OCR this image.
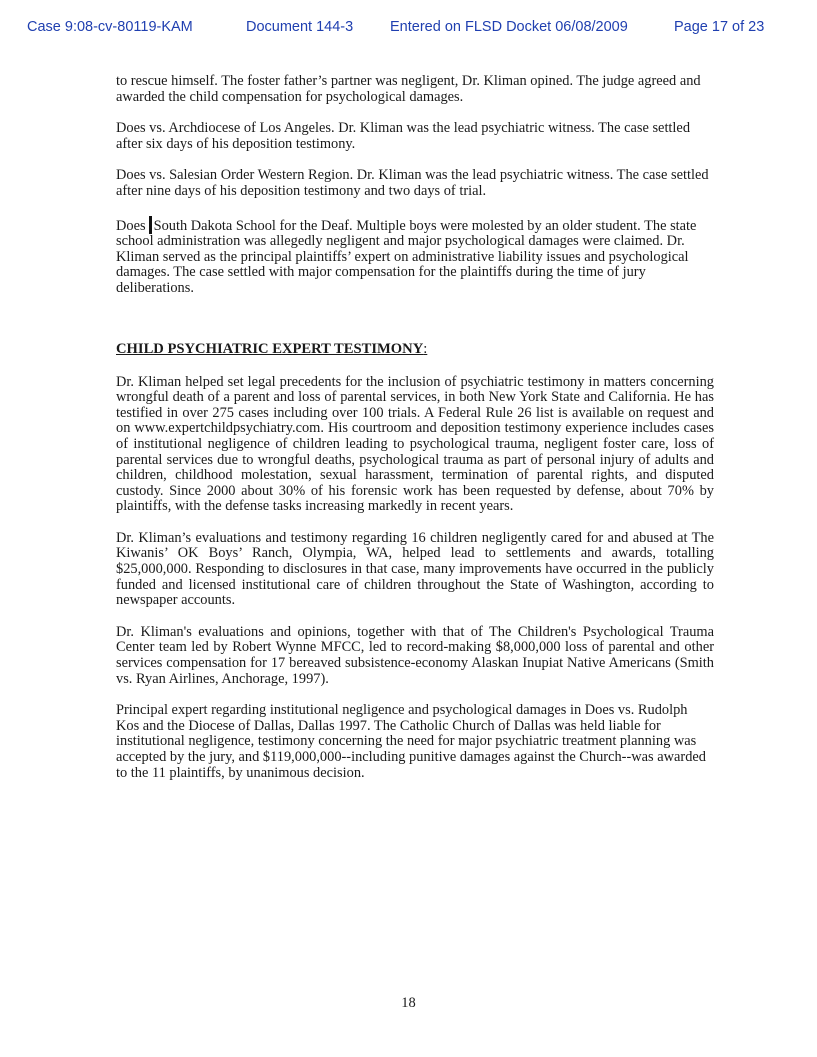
Case 9:08-cv-80119-KAM	Document 144-3	Entered on FLSD Docket 06/08/2009	Page 17 of 23

to rescue himself. The foster father’s partner was negligent, Dr. Kliman opined. The judge agreed and awarded the child compensation for psychological damages.

Does vs. Archdiocese of Los Angeles. Dr. Kliman was the lead psychiatric witness. The case settled after six days of his deposition testimony.

Does vs. Salesian Order Western Region. Dr. Kliman was the lead psychiatric witness. The case settled after nine days of his deposition testimony and two days of trial.

Does South Dakota School for the Deaf. Multiple boys were molested by an older student. The state school administration was allegedly negligent and major psychological damages were claimed. Dr. Kliman served as the principal plaintiffs’ expert on administrative liability issues and psychological damages. The case settled with major compensation for the plaintiffs during the time of jury deliberations.

CHILD PSYCHIATRIC EXPERT TESTIMONY:

Dr. Kliman helped set legal precedents for the inclusion of psychiatric testimony in matters concerning wrongful death of a parent and loss of parental services, in both New York State and California. He has testified in over 275 cases including over 100 trials. A Federal Rule 26 list is available on request and on www.expertchildpsychiatry.com. His courtroom and deposition testimony experience includes cases of institutional negligence of children leading to psychological trauma, negligent foster care, loss of parental services due to wrongful deaths, psychological trauma as part of personal injury of adults and children, childhood molestation, sexual harassment, termination of parental rights, and disputed custody. Since 2000 about 30% of his forensic work has been requested by defense, about 70% by plaintiffs, with the defense tasks increasing markedly in recent years.

Dr. Kliman’s evaluations and testimony regarding 16 children negligently cared for and abused at The Kiwanis’ OK Boys’ Ranch, Olympia, WA, helped lead to settlements and awards, totalling $25,000,000. Responding to disclosures in that case, many improvements have occurred in the publicly funded and licensed institutional care of children throughout the State of Washington, according to newspaper accounts.

Dr. Kliman's evaluations and opinions, together with that of The Children's Psychological Trauma Center team led by Robert Wynne MFCC, led to record-making $8,000,000 loss of parental and other services compensation for 17 bereaved subsistence-economy Alaskan Inupiat Native Americans (Smith vs. Ryan Airlines, Anchorage, 1997).

Principal expert regarding institutional negligence and psychological damages in Does vs. Rudolph Kos and the Diocese of Dallas, Dallas 1997. The Catholic Church of Dallas was held liable for institutional negligence, testimony concerning the need for major psychiatric treatment planning was accepted by the jury, and $119,000,000--including punitive damages against the Church--was awarded to the 11 plaintiffs, by unanimous decision.

18
